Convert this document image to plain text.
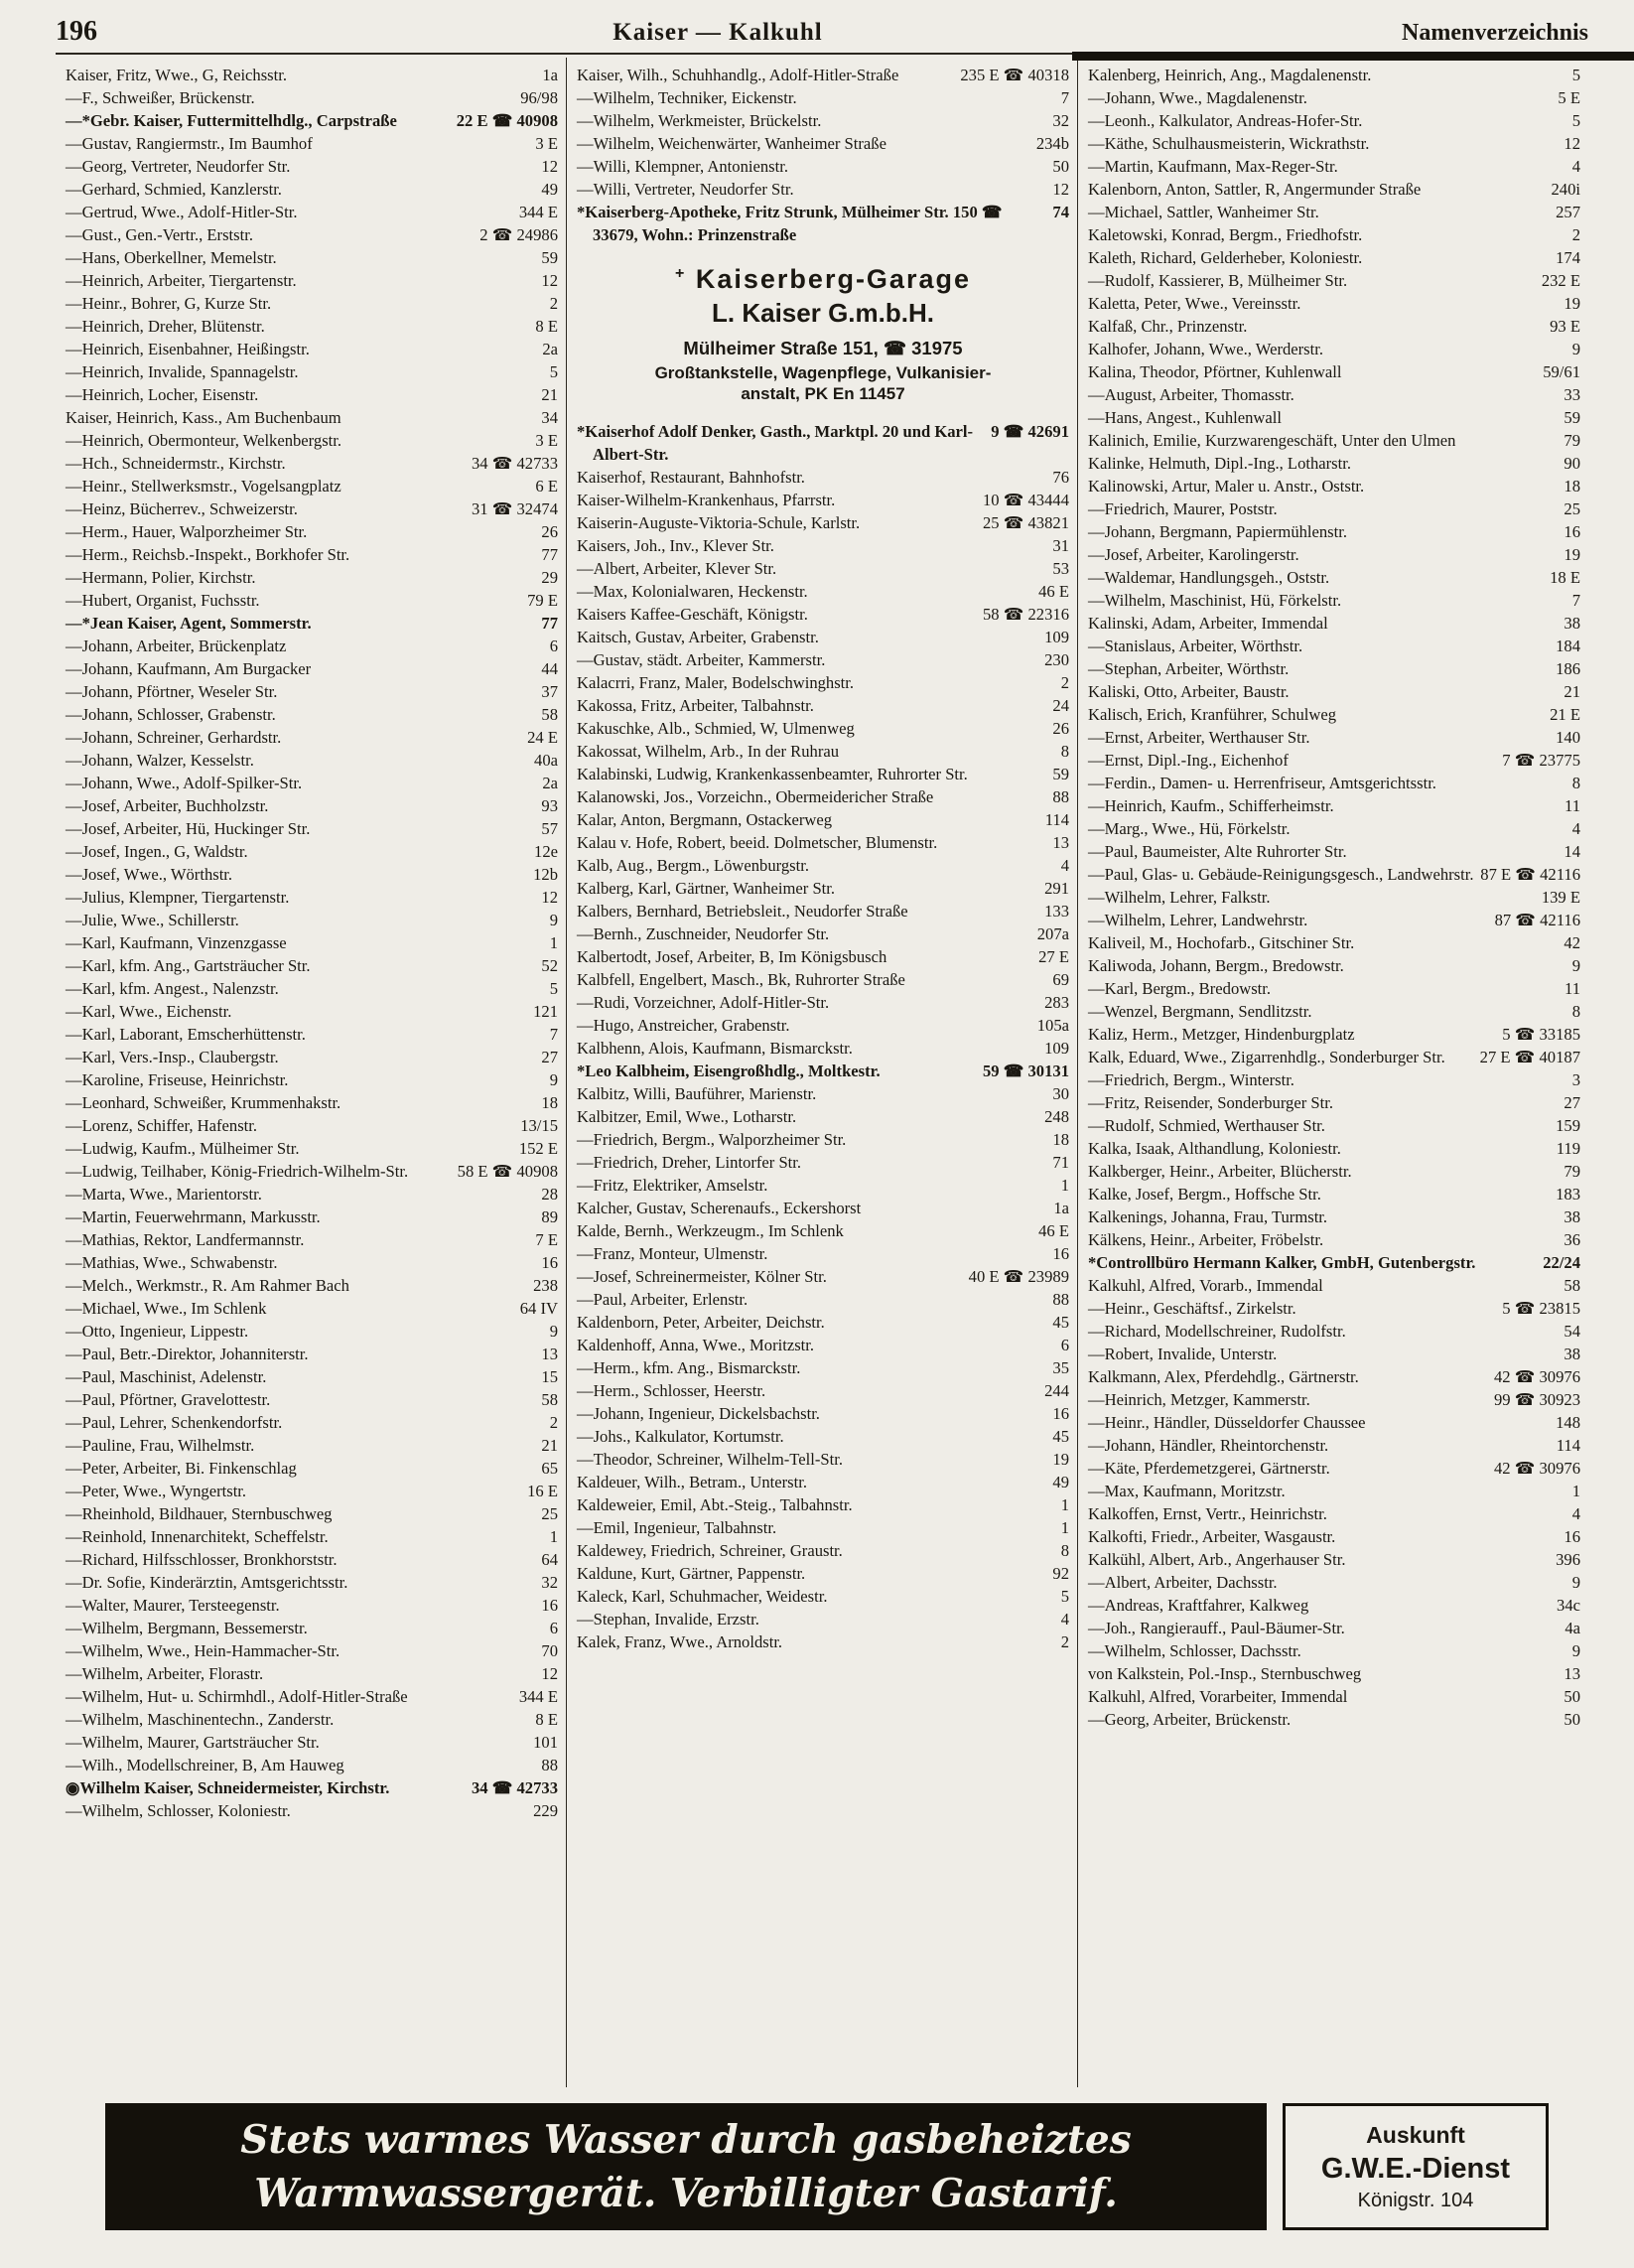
196	Kaiser — Kalkuhl	Namenverzeichnis
1a
Kaiser, Fritz, Wwe., G, Reichsstr.
96/98
—F., Schweißer, Brückenstr.
22 E ☎ 40908
—*Gebr. Kaiser, Futtermittelhdlg., Carpstraße
3 E
—Gustav, Rangiermstr., Im Baumhof
12
—Georg, Vertreter, Neudorfer Str.
49
—Gerhard, Schmied, Kanzlerstr.
344 E
—Gertrud, Wwe., Adolf-Hitler-Str.
2 ☎ 24986
—Gust., Gen.-Vertr., Erststr.
59
—Hans, Oberkellner, Memelstr.
12
—Heinrich, Arbeiter, Tiergartenstr.
2
—Heinr., Bohrer, G, Kurze Str.
8 E
—Heinrich, Dreher, Blütenstr.
2a
—Heinrich, Eisenbahner, Heißingstr.
5
—Heinrich, Invalide, Spannagelstr.
21
—Heinrich, Locher, Eisenstr.
34
Kaiser, Heinrich, Kass., Am Buchenbaum
3 E
—Heinrich, Obermonteur, Welkenbergstr.
34 ☎ 42733
—Hch., Schneidermstr., Kirchstr.
6 E
—Heinr., Stellwerksmstr., Vogelsangplatz
31 ☎ 32474
—Heinz, Bücherrev., Schweizerstr.
26
—Herm., Hauer, Walporzheimer Str.
77
—Herm., Reichsb.-Inspekt., Borkhofer Str.
29
—Hermann, Polier, Kirchstr.
79 E
—Hubert, Organist, Fuchsstr.
77
—*Jean Kaiser, Agent, Sommerstr.
6
—Johann, Arbeiter, Brückenplatz
44
—Johann, Kaufmann, Am Burgacker
37
—Johann, Pförtner, Weseler Str.
58
—Johann, Schlosser, Grabenstr.
24 E
—Johann, Schreiner, Gerhardstr.
40a
—Johann, Walzer, Kesselstr.
2a
—Johann, Wwe., Adolf-Spilker-Str.
93
—Josef, Arbeiter, Buchholzstr.
57
—Josef, Arbeiter, Hü, Huckinger Str.
12e
—Josef, Ingen., G, Waldstr.
12b
—Josef, Wwe., Wörthstr.
12
—Julius, Klempner, Tiergartenstr.
9
—Julie, Wwe., Schillerstr.
1
—Karl, Kaufmann, Vinzenzgasse
52
—Karl, kfm. Ang., Gartsträucher Str.
5
—Karl, kfm. Angest., Nalenzstr.
121
—Karl, Wwe., Eichenstr.
7
—Karl, Laborant, Emscherhüttenstr.
27
—Karl, Vers.-Insp., Claubergstr.
9
—Karoline, Friseuse, Heinrichstr.
18
—Leonhard, Schweißer, Krummenhakstr.
13/15
—Lorenz, Schiffer, Hafenstr.
152 E
—Ludwig, Kaufm., Mülheimer Str.
58 E ☎ 40908
—Ludwig, Teilhaber, König-Friedrich-Wilhelm-Str.
28
—Marta, Wwe., Marientorstr.
89
—Martin, Feuerwehrmann, Markusstr.
7 E
—Mathias, Rektor, Landfermannstr.
16
—Mathias, Wwe., Schwabenstr.
238
—Melch., Werkmstr., R. Am Rahmer Bach
64 IV
—Michael, Wwe., Im Schlenk
9
—Otto, Ingenieur, Lippestr.
13
—Paul, Betr.-Direktor, Johanniterstr.
15
—Paul, Maschinist, Adelenstr.
58
—Paul, Pförtner, Gravelottestr.
2
—Paul, Lehrer, Schenkendorfstr.
21
—Pauline, Frau, Wilhelmstr.
65
—Peter, Arbeiter, Bi. Finkenschlag
16 E
—Peter, Wwe., Wyngertstr.
25
—Rheinhold, Bildhauer, Sternbuschweg
1
—Reinhold, Innenarchitekt, Scheffelstr.
64
—Richard, Hilfsschlosser, Bronkhorststr.
32
—Dr. Sofie, Kinderärztin, Amtsgerichtsstr.
16
—Walter, Maurer, Tersteegenstr.
6
—Wilhelm, Bergmann, Bessemerstr.
70
—Wilhelm, Wwe., Hein-Hammacher-Str.
12
—Wilhelm, Arbeiter, Florastr.
344 E
—Wilhelm, Hut- u. Schirmhdl., Adolf-Hitler-Straße
8 E
—Wilhelm, Maschinentechn., Zanderstr.
101
—Wilhelm, Maurer, Gartsträucher Str.
88
—Wilh., Modellschreiner, B, Am Hauweg
34 ☎ 42733
◉Wilhelm Kaiser, Schneidermeister, Kirchstr.
229
—Wilhelm, Schlosser, Koloniestr.
235 E ☎ 40318
Kaiser, Wilh., Schuhhandlg., Adolf-Hitler-Straße
7
—Wilhelm, Techniker, Eickenstr.
32
—Wilhelm, Werkmeister, Brückelstr.
234b
—Wilhelm, Weichenwärter, Wanheimer Straße
50
—Willi, Klempner, Antonienstr.
12
—Willi, Vertreter, Neudorfer Str.
74
*Kaiserberg-Apotheke, Fritz Strunk, Mülheimer Str. 150 ☎ 33679, Wohn.: Prinzenstraße
+ Kaiserberg-Garage
L. Kaiser G.m.b.H.
Mülheimer Straße 151, ☎ 31975
Großtankstelle, Wagenpflege, Vulkanisier-
anstalt, PK En 11457
9 ☎ 42691
*Kaiserhof Adolf Denker, Gasth., Marktpl. 20 und Karl-Albert-Str.
76
Kaiserhof, Restaurant, Bahnhofstr.
10 ☎ 43444
Kaiser-Wilhelm-Krankenhaus, Pfarrstr.
25 ☎ 43821
Kaiserin-Auguste-Viktoria-Schule, Karlstr.
31
Kaisers, Joh., Inv., Klever Str.
53
—Albert, Arbeiter, Klever Str.
46 E
—Max, Kolonialwaren, Heckenstr.
58 ☎ 22316
Kaisers Kaffee-Geschäft, Königstr.
109
Kaitsch, Gustav, Arbeiter, Grabenstr.
230
—Gustav, städt. Arbeiter, Kammerstr.
2
Kalacrri, Franz, Maler, Bodelschwinghstr.
24
Kakossa, Fritz, Arbeiter, Talbahnstr.
26
Kakuschke, Alb., Schmied, W, Ulmenweg
8
Kakossat, Wilhelm, Arb., In der Ruhrau
59
Kalabinski, Ludwig, Krankenkassenbeamter, Ruhrorter Str.
88
Kalanowski, Jos., Vorzeichn., Obermeidericher Straße
114
Kalar, Anton, Bergmann, Ostackerweg
13
Kalau v. Hofe, Robert, beeid. Dolmetscher, Blumenstr.
4
Kalb, Aug., Bergm., Löwenburgstr.
291
Kalberg, Karl, Gärtner, Wanheimer Str.
133
Kalbers, Bernhard, Betriebsleit., Neudorfer Straße
207a
—Bernh., Zuschneider, Neudorfer Str.
27 E
Kalbertodt, Josef, Arbeiter, B, Im Königsbusch
69
Kalbfell, Engelbert, Masch., Bk, Ruhrorter Straße
283
—Rudi, Vorzeichner, Adolf-Hitler-Str.
105a
—Hugo, Anstreicher, Grabenstr.
109
Kalbhenn, Alois, Kaufmann, Bismarckstr.
59 ☎ 30131
*Leo Kalbheim, Eisengroßhdlg., Moltkestr.
30
Kalbitz, Willi, Bauführer, Marienstr.
248
Kalbitzer, Emil, Wwe., Lotharstr.
18
—Friedrich, Bergm., Walporzheimer Str.
71
—Friedrich, Dreher, Lintorfer Str.
1
—Fritz, Elektriker, Amselstr.
1a
Kalcher, Gustav, Scherenaufs., Eckershorst
46 E
Kalde, Bernh., Werkzeugm., Im Schlenk
16
—Franz, Monteur, Ulmenstr.
40 E ☎ 23989
—Josef, Schreinermeister, Kölner Str.
88
—Paul, Arbeiter, Erlenstr.
45
Kaldenborn, Peter, Arbeiter, Deichstr.
6
Kaldenhoff, Anna, Wwe., Moritzstr.
35
—Herm., kfm. Ang., Bismarckstr.
244
—Herm., Schlosser, Heerstr.
16
—Johann, Ingenieur, Dickelsbachstr.
45
—Johs., Kalkulator, Kortumstr.
19
—Theodor, Schreiner, Wilhelm-Tell-Str.
49
Kaldeuer, Wilh., Betram., Unterstr.
1
Kaldeweier, Emil, Abt.-Steig., Talbahnstr.
1
—Emil, Ingenieur, Talbahnstr.
8
Kaldewey, Friedrich, Schreiner, Graustr.
92
Kaldune, Kurt, Gärtner, Pappenstr.
5
Kaleck, Karl, Schuhmacher, Weidestr.
4
—Stephan, Invalide, Erzstr.
2
Kalek, Franz, Wwe., Arnoldstr.
5
Kalenberg, Heinrich, Ang., Magdalenenstr.
5 E
—Johann, Wwe., Magdalenenstr.
5
—Leonh., Kalkulator, Andreas-Hofer-Str.
12
—Käthe, Schulhausmeisterin, Wickrathstr.
4
—Martin, Kaufmann, Max-Reger-Str.
240i
Kalenborn, Anton, Sattler, R, Angermunder Straße
257
—Michael, Sattler, Wanheimer Str.
2
Kaletowski, Konrad, Bergm., Friedhofstr.
174
Kaleth, Richard, Gelderheber, Koloniestr.
232 E
—Rudolf, Kassierer, B, Mülheimer Str.
19
Kaletta, Peter, Wwe., Vereinsstr.
93 E
Kalfaß, Chr., Prinzenstr.
9
Kalhofer, Johann, Wwe., Werderstr.
59/61
Kalina, Theodor, Pförtner, Kuhlenwall
33
—August, Arbeiter, Thomasstr.
59
—Hans, Angest., Kuhlenwall
79
Kalinich, Emilie, Kurzwarengeschäft, Unter den Ulmen
90
Kalinke, Helmuth, Dipl.-Ing., Lotharstr.
18
Kalinowski, Artur, Maler u. Anstr., Oststr.
25
—Friedrich, Maurer, Poststr.
16
—Johann, Bergmann, Papiermühlenstr.
19
—Josef, Arbeiter, Karolingerstr.
18 E
—Waldemar, Handlungsgeh., Oststr.
7
—Wilhelm, Maschinist, Hü, Förkelstr.
38
Kalinski, Adam, Arbeiter, Immendal
184
—Stanislaus, Arbeiter, Wörthstr.
186
—Stephan, Arbeiter, Wörthstr.
21
Kaliski, Otto, Arbeiter, Baustr.
21 E
Kalisch, Erich, Kranführer, Schulweg
140
—Ernst, Arbeiter, Werthauser Str.
7 ☎ 23775
—Ernst, Dipl.-Ing., Eichenhof
8
—Ferdin., Damen- u. Herrenfriseur, Amtsgerichtsstr.
11
—Heinrich, Kaufm., Schifferheimstr.
4
—Marg., Wwe., Hü, Förkelstr.
14
—Paul, Baumeister, Alte Ruhrorter Str.
87 E ☎ 42116
—Paul, Glas- u. Gebäude-Reinigungsgesch., Landwehrstr.
139 E
—Wilhelm, Lehrer, Falkstr.
87 ☎ 42116
—Wilhelm, Lehrer, Landwehrstr.
42
Kaliveil, M., Hochofarb., Gitschiner Str.
9
Kaliwoda, Johann, Bergm., Bredowstr.
11
—Karl, Bergm., Bredowstr.
8
—Wenzel, Bergmann, Sendlitzstr.
5 ☎ 33185
Kaliz, Herm., Metzger, Hindenburgplatz
27 E ☎ 40187
Kalk, Eduard, Wwe., Zigarrenhdlg., Sonderburger Str.
3
—Friedrich, Bergm., Winterstr.
27
—Fritz, Reisender, Sonderburger Str.
159
—Rudolf, Schmied, Werthauser Str.
119
Kalka, Isaak, Althandlung, Koloniestr.
79
Kalkberger, Heinr., Arbeiter, Blücherstr.
183
Kalke, Josef, Bergm., Hoffsche Str.
38
Kalkenings, Johanna, Frau, Turmstr.
36
Kälkens, Heinr., Arbeiter, Fröbelstr.
22/24
*Controllbüro Hermann Kalker, GmbH, Gutenbergstr.
58
Kalkuhl, Alfred, Vorarb., Immendal
5 ☎ 23815
—Heinr., Geschäftsf., Zirkelstr.
54
—Richard, Modellschreiner, Rudolfstr.
38
—Robert, Invalide, Unterstr.
42 ☎ 30976
Kalkmann, Alex, Pferdehdlg., Gärtnerstr.
99 ☎ 30923
—Heinrich, Metzger, Kammerstr.
148
—Heinr., Händler, Düsseldorfer Chaussee
114
—Johann, Händler, Rheintorchenstr.
42 ☎ 30976
—Käte, Pferdemetzgerei, Gärtnerstr.
1
—Max, Kaufmann, Moritzstr.
4
Kalkoffen, Ernst, Vertr., Heinrichstr.
16
Kalkofti, Friedr., Arbeiter, Wasgaustr.
396
Kalkühl, Albert, Arb., Angerhauser Str.
9
—Albert, Arbeiter, Dachsstr.
34c
—Andreas, Kraftfahrer, Kalkweg
4a
—Joh., Rangierauff., Paul-Bäumer-Str.
9
—Wilhelm, Schlosser, Dachsstr.
13
von Kalkstein, Pol.-Insp., Sternbuschweg
50
Kalkuhl, Alfred, Vorarbeiter, Immendal
50
—Georg, Arbeiter, Brückenstr.
Stets warmes Wasser durch gasbeheiztes
Warmwassergerät. Verbilligter Gastarif.
Auskunft
G.W.E.-Dienst
Königstr. 104
